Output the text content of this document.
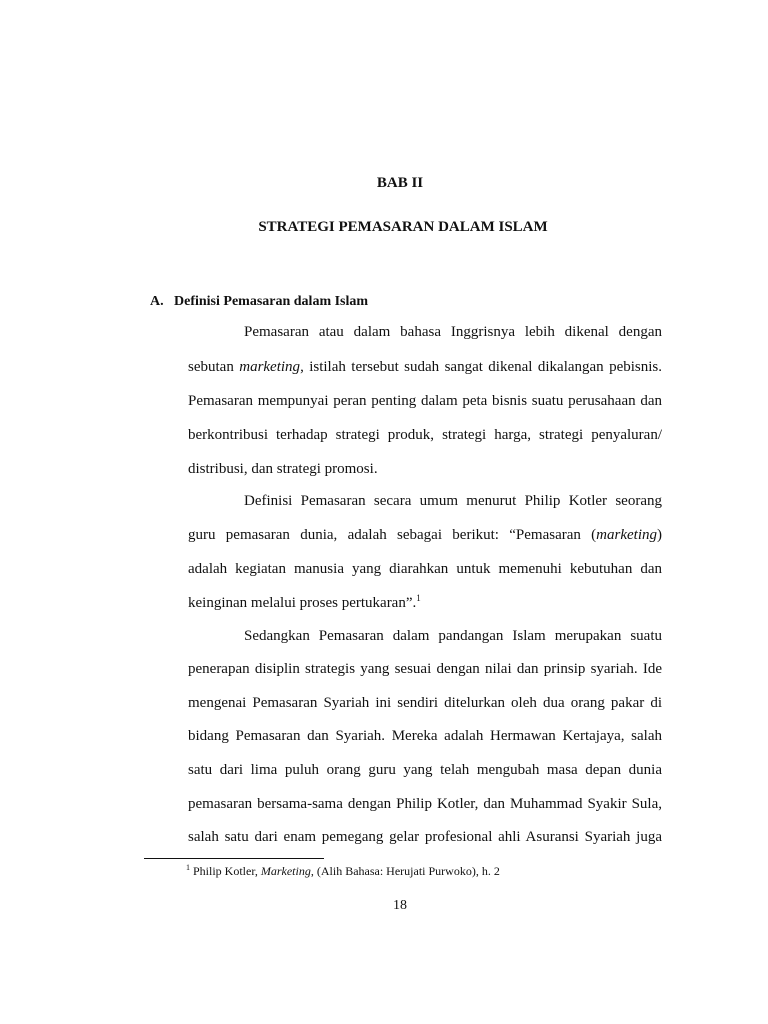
BAB II
STRATEGI PEMASARAN DALAM ISLAM
A. Definisi Pemasaran dalam Islam
Pemasaran atau dalam bahasa Inggrisnya lebih dikenal dengan
sebutan marketing, istilah tersebut sudah sangat dikenal dikalangan pebisnis.
Pemasaran mempunyai peran penting dalam peta bisnis suatu perusahaan dan
berkontribusi terhadap strategi produk, strategi harga, strategi penyaluran/
distribusi, dan strategi promosi.
Definisi Pemasaran secara umum menurut Philip Kotler seorang
guru pemasaran dunia, adalah sebagai berikut: “Pemasaran (marketing)
adalah kegiatan manusia yang diarahkan untuk memenuhi kebutuhan dan
keinginan melalui proses pertukaran”.$^1$
Sedangkan Pemasaran dalam pandangan Islam merupakan suatu
penerapan disiplin strategis yang sesuai dengan nilai dan prinsip syariah. Ide
mengenai Pemasaran Syariah ini sendiri ditelurkan oleh dua orang pakar di
bidang Pemasaran dan Syariah. Mereka adalah Hermawan Kertajaya, salah
satu dari lima puluh orang guru yang telah mengubah masa depan dunia
pemasaran bersama-sama dengan Philip Kotler, dan Muhammad Syakir Sula,
salah satu dari enam pemegang gelar profesional ahli Asuransi Syariah juga
$^1$ Philip Kotler, Marketing, (Alih Bahasa: Herujati Purwoko), h. 2
18
